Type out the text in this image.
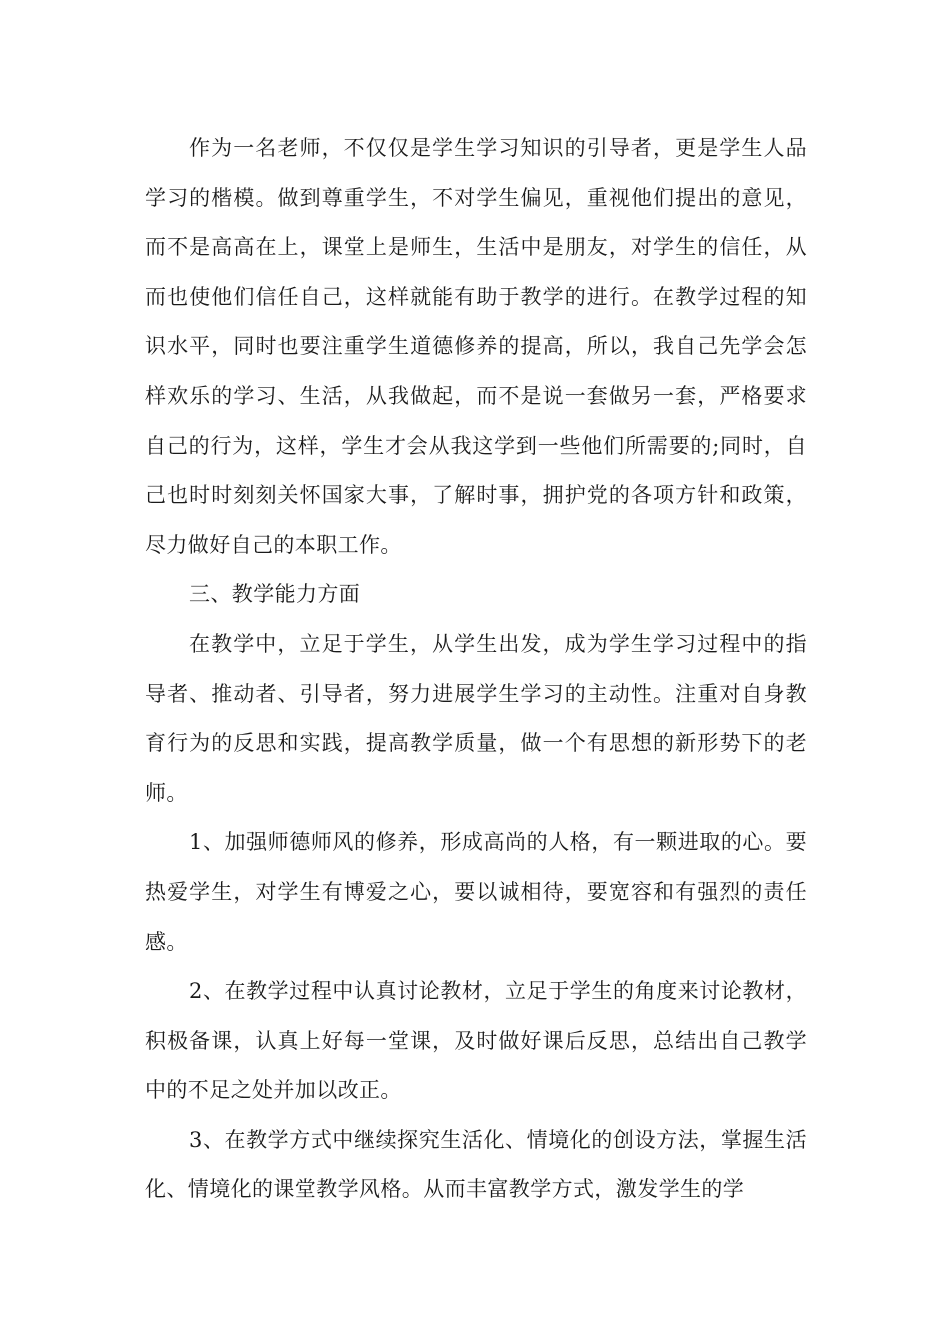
作为一名老师，不仅仅是学生学习知识的引导者，更是学生人品学习的楷模。做到尊重学生，不对学生偏见，重视他们提出的意见，而不是高高在上，课堂上是师生，生活中是朋友，对学生的信任，从而也使他们信任自己，这样就能有助于教学的进行。在教学过程的知识水平，同时也要注重学生道德修养的提高，所以，我自己先学会怎样欢乐的学习、生活，从我做起，而不是说一套做另一套，严格要求自己的行为，这样，学生才会从我这学到一些他们所需要的;同时，自己也时时刻刻关怀国家大事，了解时事，拥护党的各项方针和政策，尽力做好自己的本职工作。

三、教学能力方面

在教学中，立足于学生，从学生出发，成为学生学习过程中的指导者、推动者、引导者，努力进展学生学习的主动性。注重对自身教育行为的反思和实践，提高教学质量，做一个有思想的新形势下的老师。

1、加强师德师风的修养，形成高尚的人格，有一颗进取的心。要热爱学生，对学生有博爱之心，要以诚相待，要宽容和有强烈的责任感。

2、在教学过程中认真讨论教材，立足于学生的角度来讨论教材，积极备课，认真上好每一堂课，及时做好课后反思，总结出自己教学中的不足之处并加以改正。

3、在教学方式中继续探究生活化、情境化的创设方法，掌握生活化、情境化的课堂教学风格。从而丰富教学方式，激发学生的学
